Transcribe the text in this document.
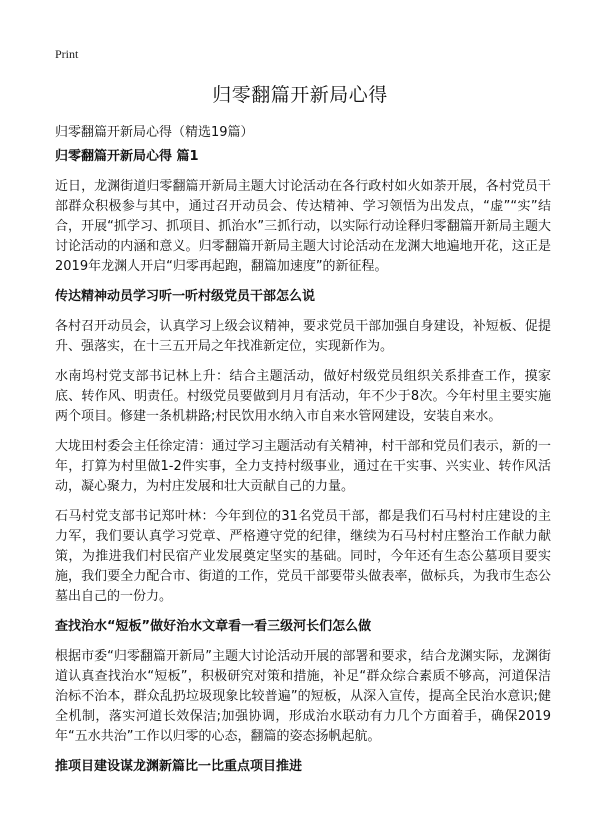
Print
归零翻篇开新局心得

归零翻篇开新局心得（精选19篇）

归零翻篇开新局心得 篇1

近日，龙渊街道归零翻篇开新局主题大讨论活动在各行政村如火如荼开展，各村党员干部群众积极参与其中，通过召开动员会、传达精神、学习领悟为出发点，“虚”“实”结合，开展“抓学习、抓项目、抓治水”三抓行动，以实际行动诠释归零翻篇开新局主题大讨论活动的内涵和意义。归零翻篇开新局主题大讨论活动在龙渊大地遍地开花，这正是2019年龙渊人开启“归零再起跑，翻篇加速度”的新征程。

传达精神动员学习听一听村级党员干部怎么说

各村召开动员会，认真学习上级会议精神，要求党员干部加强自身建设，补短板、促提升、强落实，在十三五开局之年找准新定位，实现新作为。

水南坞村党支部书记林上升：结合主题活动，做好村级党员组织关系排查工作，摸家底、转作风、明责任。村级党员要做到月月有活动，年不少于8次。今年村里主要实施两个项目。修建一条机耕路;村民饮用水纳入市自来水管网建设，安装自来水。

大垅田村委会主任徐定清：通过学习主题活动有关精神，村干部和党员们表示，新的一年，打算为村里做1-2件实事，全力支持村级事业，通过在干实事、兴实业、转作风活动，凝心聚力，为村庄发展和壮大贡献自己的力量。

石马村党支部书记郑叶林：今年到位的31名党员干部，都是我们石马村村庄建设的主力军，我们要认真学习党章、严格遵守党的纪律，继续为石马村村庄整治工作献力献策，为推进我们村民宿产业发展奠定坚实的基础。同时，今年还有生态公墓项目要实施，我们要全力配合市、街道的工作，党员干部要带头做表率，做标兵，为我市生态公墓出自己的一份力。

查找治水“短板”做好治水文章看一看三级河长们怎么做

根据市委“归零翻篇开新局”主题大讨论活动开展的部署和要求，结合龙渊实际，龙渊街道认真查找治水“短板”，积极研究对策和措施，补足“群众综合素质不够高，河道保洁治标不治本，群众乱扔垃圾现象比较普遍”的短板，从深入宣传，提高全民治水意识;健全机制，落实河道长效保洁;加强协调，形成治水联动有力几个方面着手，确保2019年“五水共治”工作以归零的心态，翻篇的姿态扬帆起航。

推项目建设谋龙渊新篇比一比重点项目推进
